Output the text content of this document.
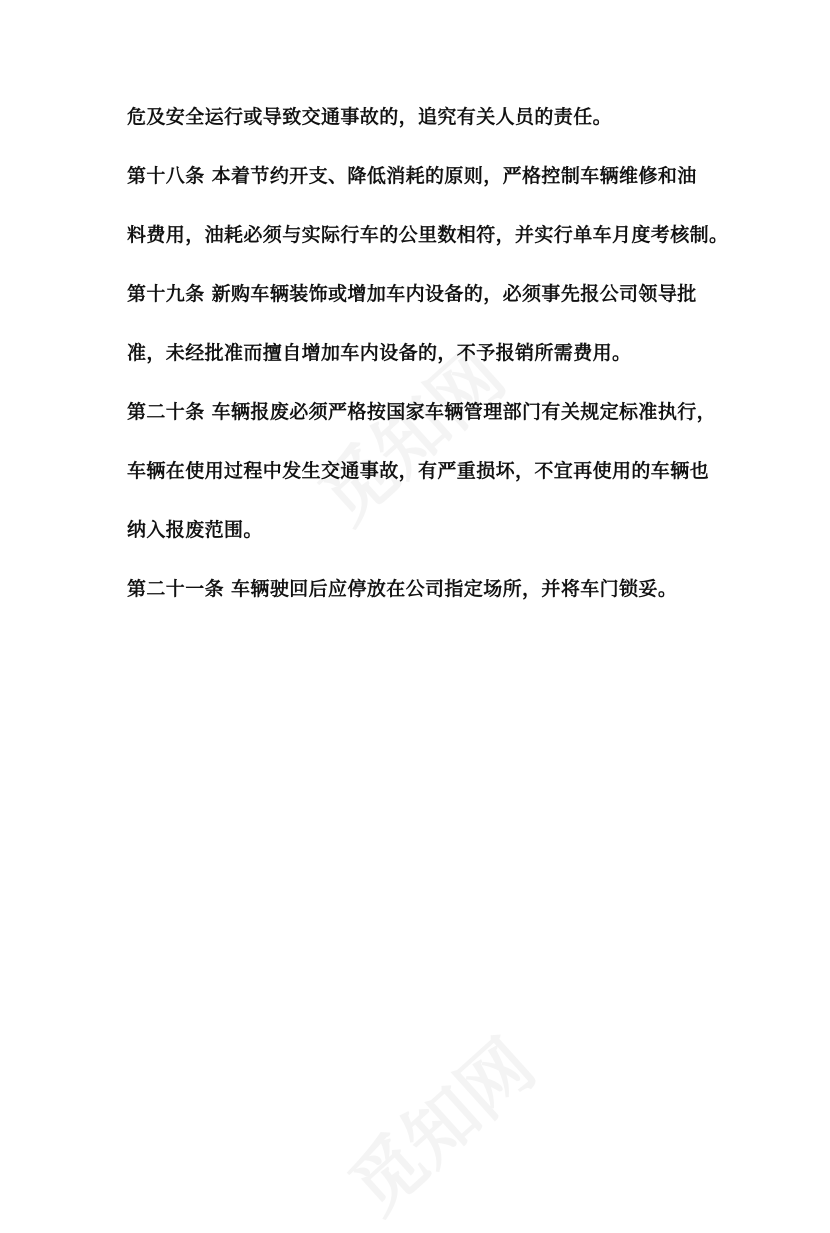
危及安全运行或导致交通事故的，追究有关人员的责任。
第十八条 本着节约开支、降低消耗的原则，严格控制车辆维修和油
料费用，油耗必须与实际行车的公里数相符，并实行单车月度考核制。
第十九条 新购车辆装饰或增加车内设备的，必须事先报公司领导批
准，未经批准而擅自增加车内设备的，不予报销所需费用。
第二十条 车辆报废必须严格按国家车辆管理部门有关规定标准执行，
车辆在使用过程中发生交通事故，有严重损坏，不宜再使用的车辆也
纳入报废范围。
第二十一条 车辆驶回后应停放在公司指定场所，并将车门锁妥。
